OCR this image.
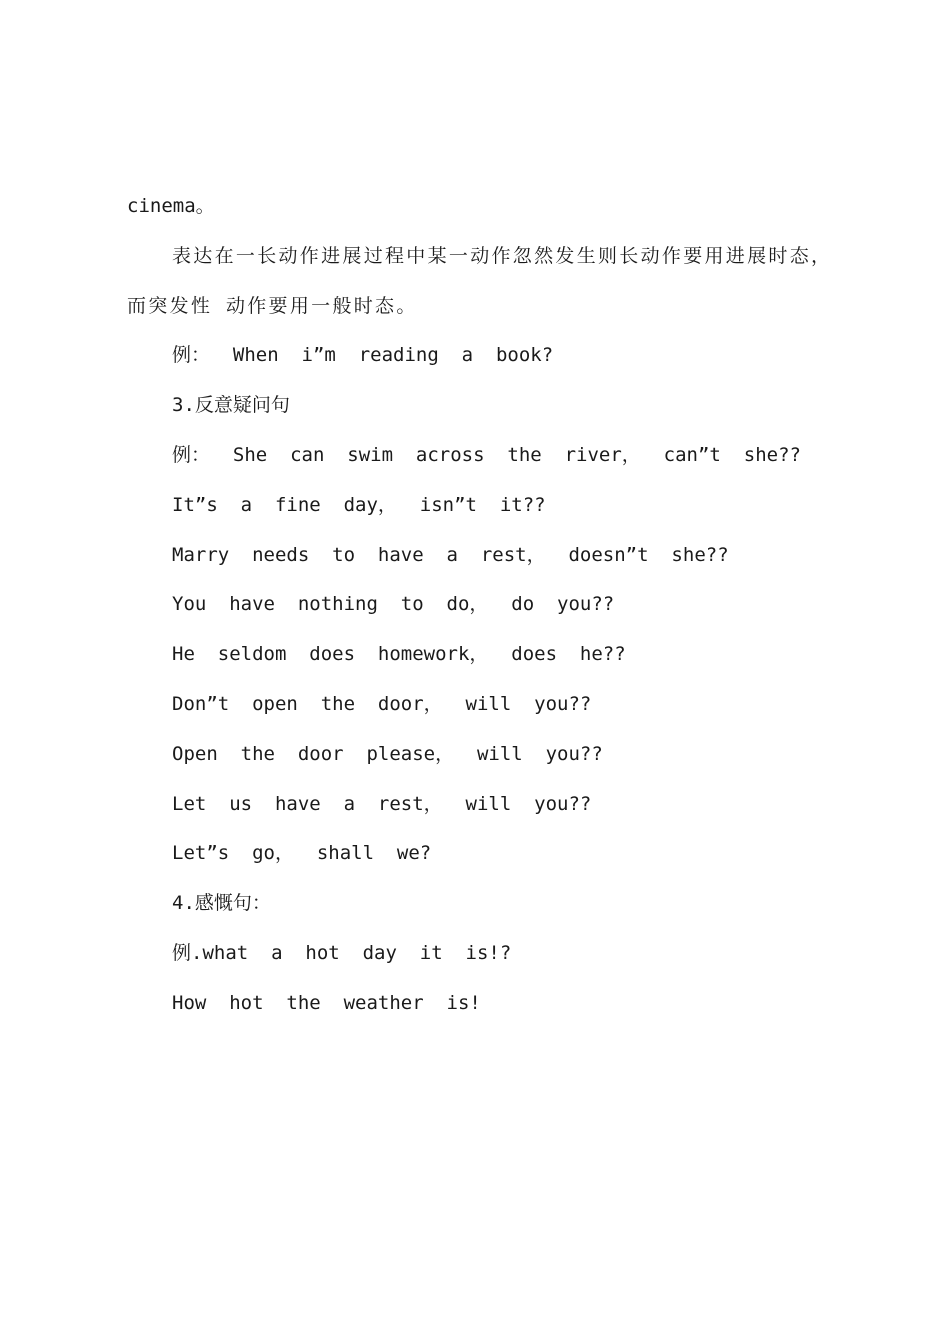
cinema。

表达在一长动作进展过程中某一动作忽然发生则长动作要用进展时态，而突发性 动作要用一般时态。

例：  When  i”m  reading  a  book?

3.反意疑问句

例：  She  can  swim  across  the  river，  can”t  she??

It”s  a  fine  day，  isn”t  it??

Marry  needs  to  have  a  rest，  doesn”t  she??

You  have  nothing  to  do，  do  you??

He  seldom  does  homework，  does  he??

Don”t  open  the  door，  will  you??

Open  the  door  please，  will  you??

Let  us  have  a  rest，  will  you??

Let”s  go，  shall  we?

4.感慨句：

例.what  a  hot  day  it  is!?

How  hot  the  weather  is!
